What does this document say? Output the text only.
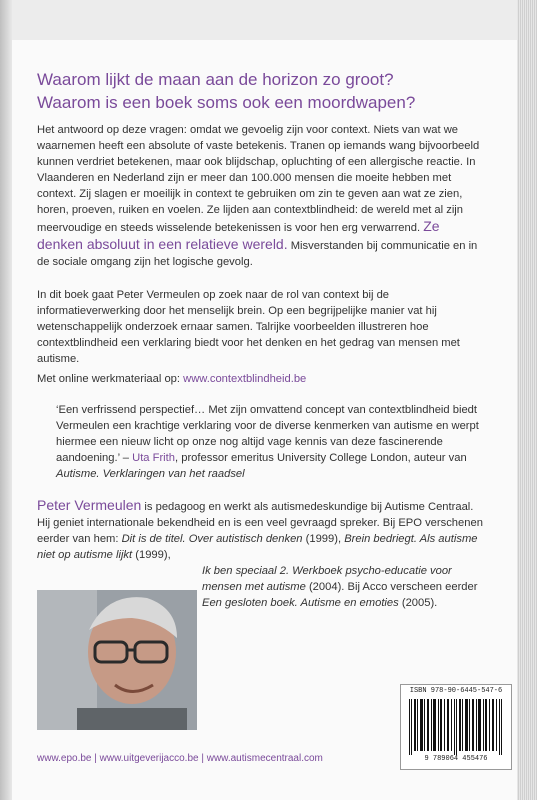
Waarom lijkt de maan aan de horizon zo groot?
Waarom is een boek soms ook een moordwapen?

Het antwoord op deze vragen: omdat we gevoelig zijn voor context. Niets van wat we waarnemen heeft een absolute of vaste betekenis. Tranen op iemands wang bijvoorbeeld kunnen verdriet betekenen, maar ook blijdschap, opluchting of een allergische reactie. In Vlaanderen en Nederland zijn er meer dan 100.000 mensen die moeite hebben met context. Zij slagen er moeilijk in context te gebruiken om zin te geven aan wat ze zien, horen, proeven, ruiken en voelen. Ze lijden aan contextblindheid: de wereld met al zijn meervoudige en steeds wisselende betekenissen is voor hen erg verwarrend. Ze denken absoluut in een relatieve wereld. Misverstanden bij communicatie en in de sociale omgang zijn het logische gevolg.

In dit boek gaat Peter Vermeulen op zoek naar de rol van context bij de informatieverwerking door het menselijk brein. Op een begrijpelijke manier vat hij wetenschappelijk onderzoek ernaar samen. Talrijke voorbeelden illustreren hoe contextblindheid een verklaring biedt voor het denken en het gedrag van mensen met autisme.

Met online werkmateriaal op: www.contextblindheid.be

‘Een verfrissend perspectief… Met zijn omvattend concept van contextblindheid biedt Vermeulen een krachtige verklaring voor de diverse kenmerken van autisme en werpt hiermee een nieuw licht op onze nog altijd vage kennis van deze fascinerende aandoening.’ – Uta Frith, professor emeritus University College London, auteur van Autisme. Verklaringen van het raadsel

Peter Vermeulen is pedagoog en werkt als autismedeskundige bij Autisme Centraal. Hij geniet internationale bekendheid en is een veel gevraagd spreker. Bij EPO verschenen eerder van hem: Dit is de titel. Over autistisch denken (1999), Brein bedriegt. Als autisme niet op autisme lijkt (1999),
Ik ben speciaal 2. Werkboek psycho-educatie voor mensen met autisme (2004). Bij Acco verscheen eerder Een gesloten boek. Autisme en emoties (2005).

ISBN 978-90-6445-547-6
9 789064 455476
www.epo.be | www.uitgeverijacco.be | www.autismecentraal.com
